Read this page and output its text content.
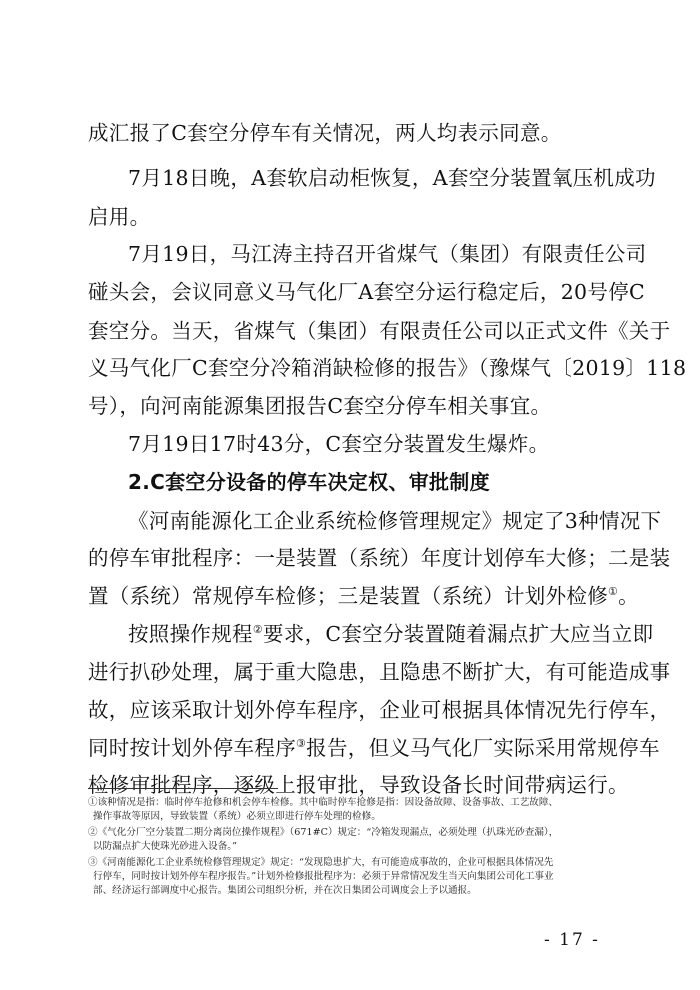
成汇报了C套空分停车有关情况，两人均表示同意。
7月18日晚，A套软启动柜恢复，A套空分装置氧压机成功
启用。
7月19日，马江涛主持召开省煤气（集团）有限责任公司
碰头会，会议同意义马气化厂A套空分运行稳定后，20号停C
套空分。当天，省煤气（集团）有限责任公司以正式文件《关于
义马气化厂C套空分冷箱消缺检修的报告》（豫煤气〔2019〕118
号），向河南能源集团报告C套空分停车相关事宜。
7月19日17时43分，C套空分装置发生爆炸。
2.C套空分设备的停车决定权、审批制度
《河南能源化工企业系统检修管理规定》规定了3种情况下
的停车审批程序：一是装置（系统）年度计划停车大修；二是装
置（系统）常规停车检修；三是装置（系统）计划外检修①。
按照操作规程②要求，C套空分装置随着漏点扩大应当立即
进行扒砂处理，属于重大隐患，且隐患不断扩大，有可能造成事
故，应该采取计划外停车程序，企业可根据具体情况先行停车，
同时按计划外停车程序③报告，但义马气化厂实际采用常规停车
检修审批程序，逐级上报审批，导致设备长时间带病运行。
①该种情况是指：临时停车抢修和机会停车检修。其中临时停车抢修是指：因设备故障、设备事故、工艺故障、
操作事故等原因，导致装置（系统）必须立即进行停车处理的检修。
②《气化分厂空分装置二期分离岗位操作规程》（671#C）规定：“冷箱发现漏点，必须处理（扒珠光砂查漏），
以防漏点扩大使珠光砂进入设备。”
③《河南能源化工企业系统检修管理规定》规定：“发现隐患扩大，有可能造成事故的，企业可根据具体情况先
行停车，同时按计划外停车程序报告。”计划外检修报批程序为：必须于异常情况发生当天向集团公司化工事业
部、经济运行部调度中心报告。集团公司组织分析，并在次日集团公司调度会上予以通报。
- 17 -
